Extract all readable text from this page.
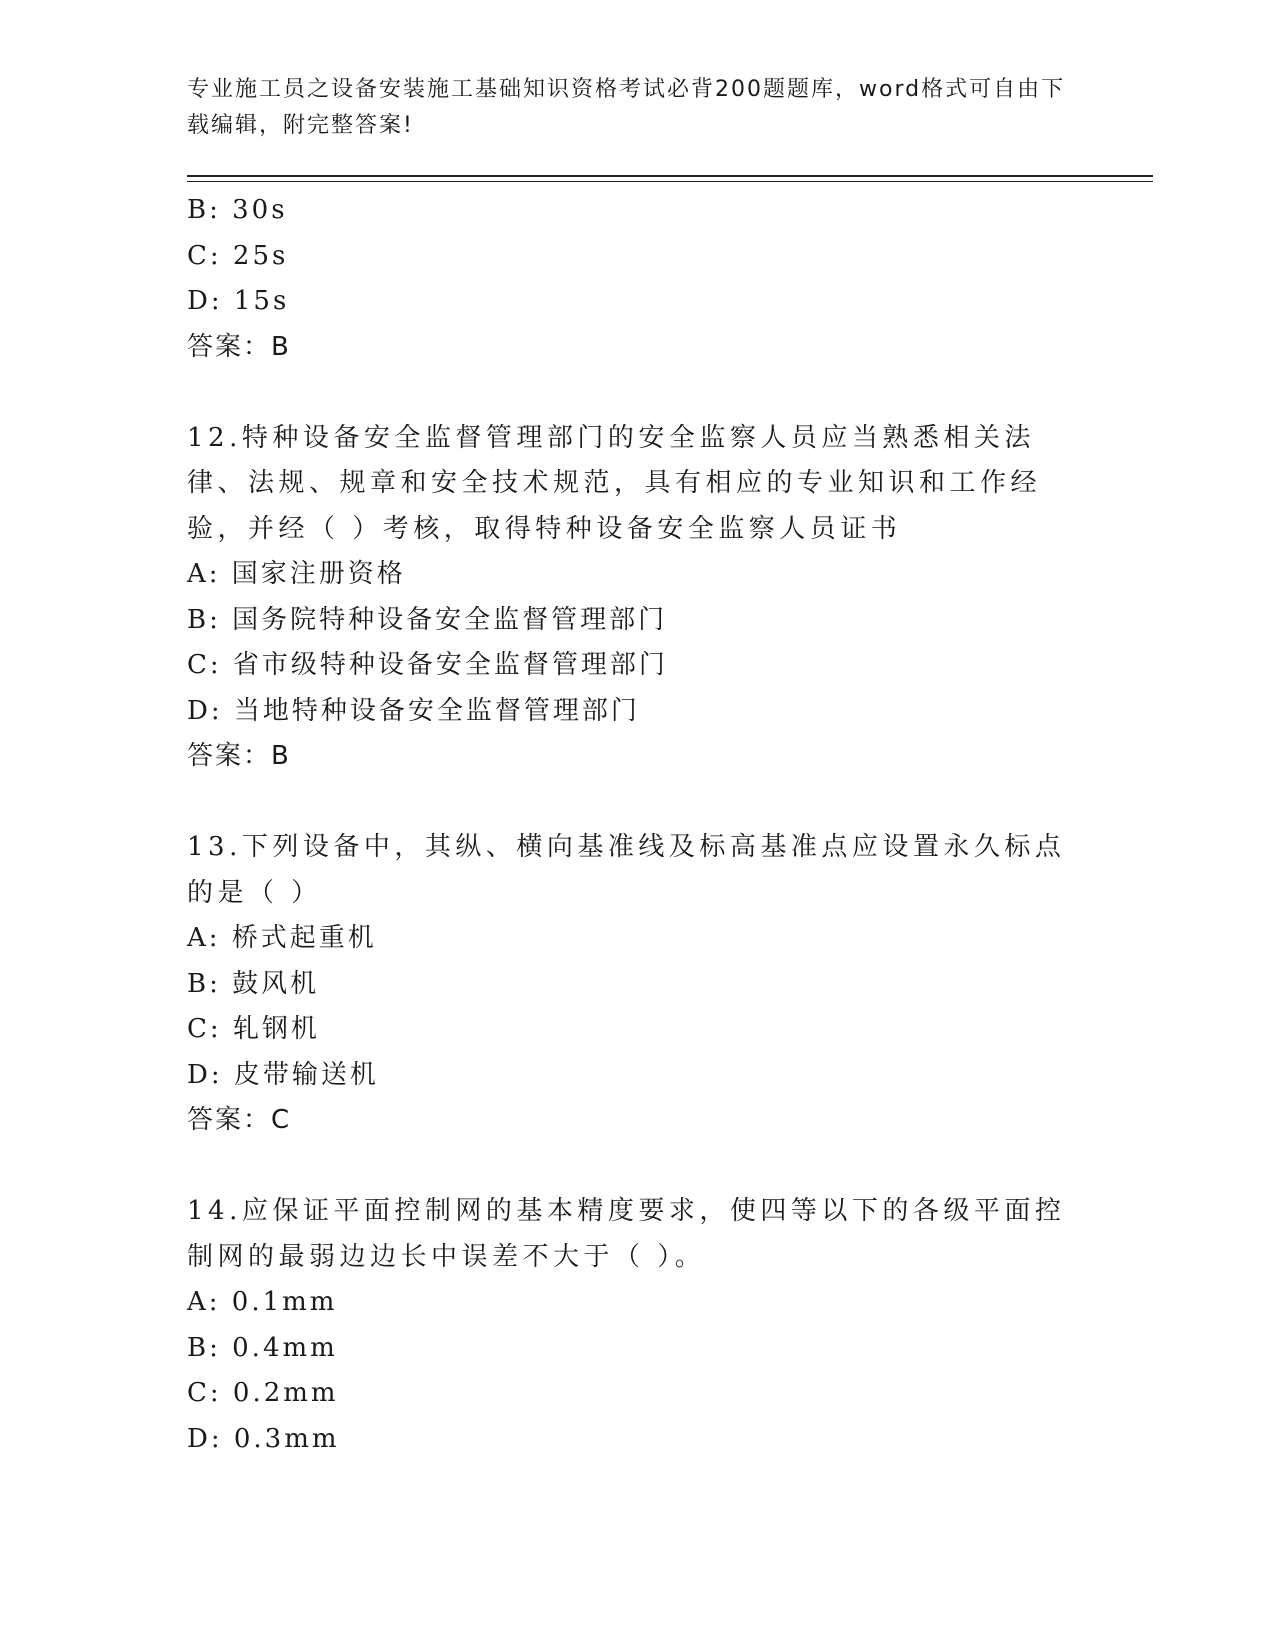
专业施工员之设备安装施工基础知识资格考试必背200题题库，word格式可自由下载编辑，附完整答案!
B: 30s
C: 25s
D: 15s
答案：B
12.特种设备安全监督管理部门的安全监察人员应当熟悉相关法律、法规、规章和安全技术规范，具有相应的专业知识和工作经验，并经（ ）考核，取得特种设备安全监察人员证书
A: 国家注册资格
B: 国务院特种设备安全监督管理部门
C: 省市级特种设备安全监督管理部门
D: 当地特种设备安全监督管理部门
答案：B
13.下列设备中，其纵、横向基准线及标高基准点应设置永久标点的是（ ）
A: 桥式起重机
B: 鼓风机
C: 轧钢机
D: 皮带输送机
答案：C
14.应保证平面控制网的基本精度要求，使四等以下的各级平面控制网的最弱边边长中误差不大于（ ）。
A: 0.1mm
B: 0.4mm
C: 0.2mm
D: 0.3mm
